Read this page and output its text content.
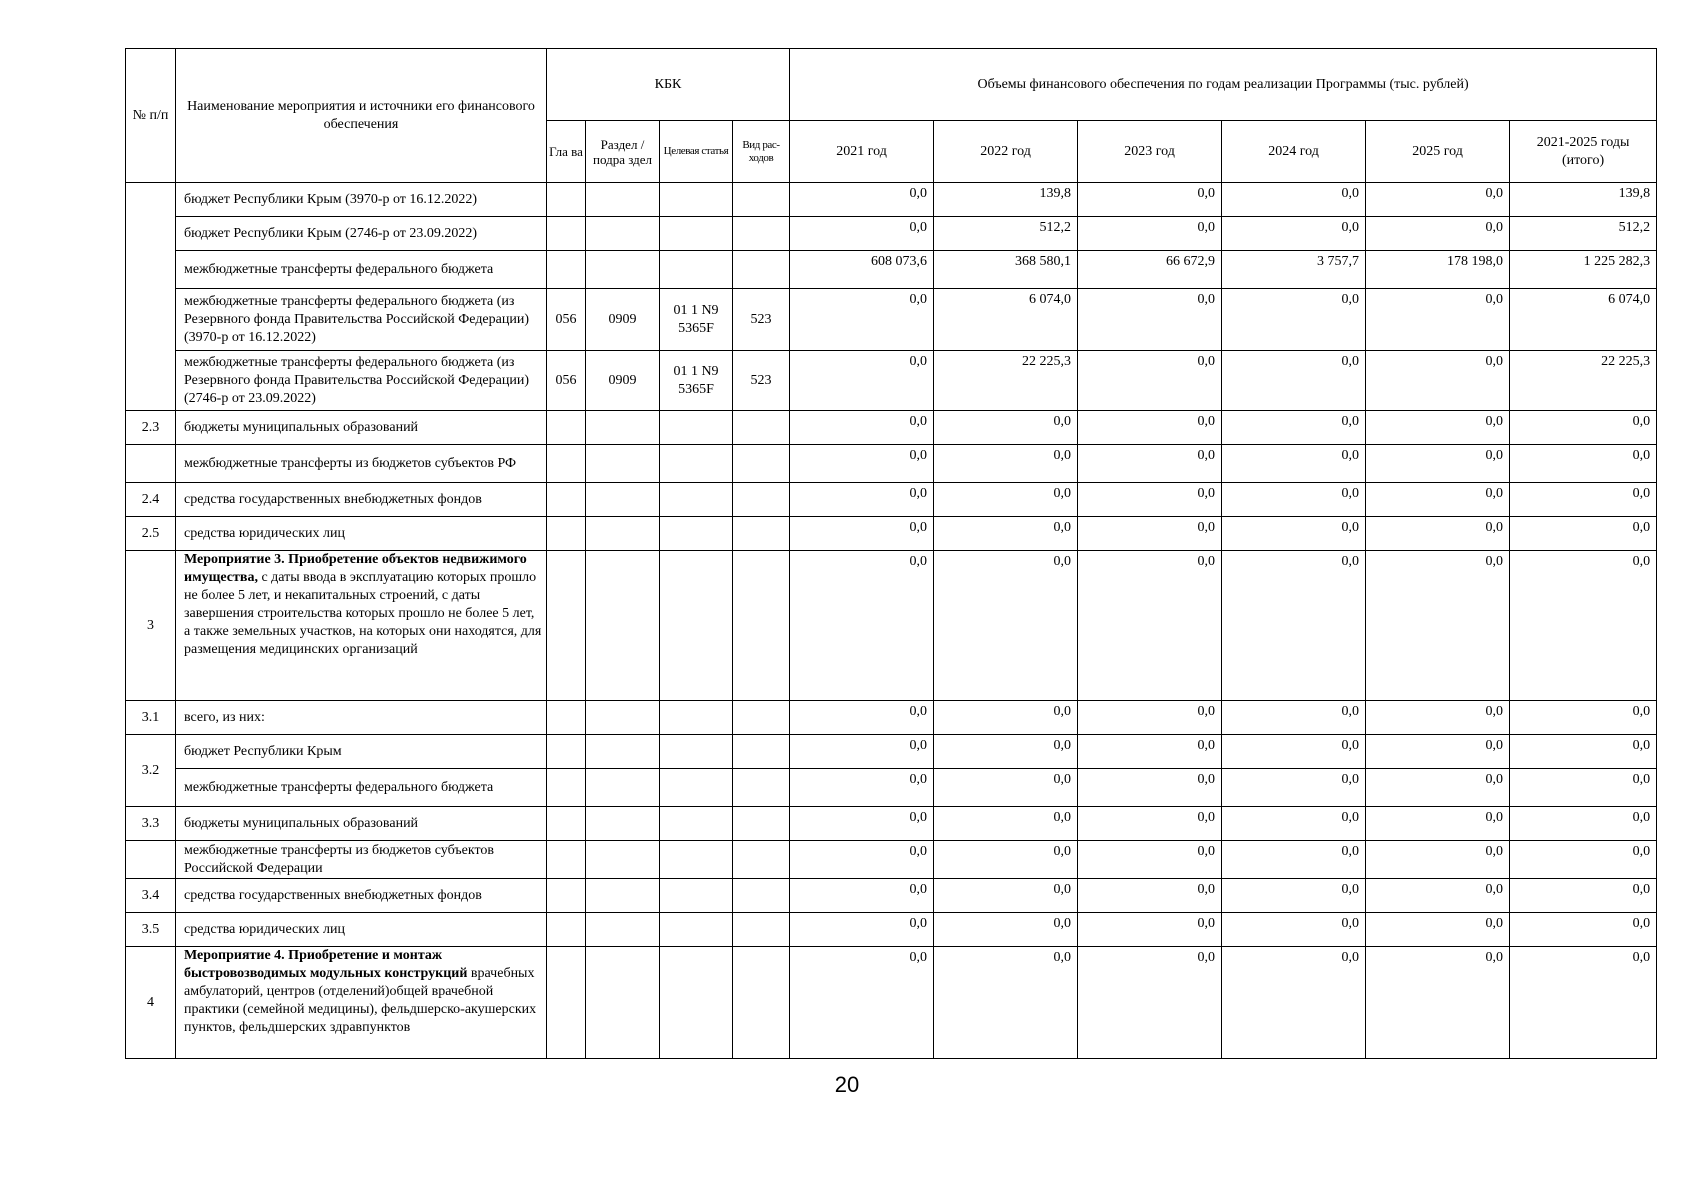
№ п/п	Наименование мероприятия и источники его финансового обеспечения	КБК				Объемы финансового обеспечения по годам реализации Программы (тыс. рублей)					
		Гла ва	Раздел /подра здел	Целевая статья	Вид рас- ходов	2021 год	2022 год	2023 год	2024 год	2025 год	2021-2025 годы (итого)
	бюджет Республики Крым (3970-р от 16.12.2022)					0,0	139,8	0,0	0,0	0,0	139,8
	бюджет Республики Крым (2746-р от 23.09.2022)					0,0	512,2	0,0	0,0	0,0	512,2
	межбюджетные трансферты федерального бюджета					608 073,6	368 580,1	66 672,9	3 757,7	178 198,0	1 225 282,3
	межбюджетные трансферты федерального бюджета (из Резервного фонда Правительства Российской Федерации) (3970-р от 16.12.2022)	056	0909	01 1 N9 5365F	523	0,0	6 074,0	0,0	0,0	0,0	6 074,0
	межбюджетные трансферты федерального бюджета (из Резервного фонда Правительства Российской Федерации) (2746-р от 23.09.2022)	056	0909	01 1 N9 5365F	523	0,0	22 225,3	0,0	0,0	0,0	22 225,3
2.3	бюджеты муниципальных образований					0,0	0,0	0,0	0,0	0,0	0,0
	межбюджетные трансферты из бюджетов субъектов РФ					0,0	0,0	0,0	0,0	0,0	0,0
2.4	средства государственных внебюджетных фондов					0,0	0,0	0,0	0,0	0,0	0,0
2.5	средства юридических лиц					0,0	0,0	0,0	0,0	0,0	0,0
3	Мероприятие 3. Приобретение объектов недвижимого имущества, с даты ввода в эксплуатацию которых прошло не более 5 лет, и некапитальных строений, с даты завершения строительства которых прошло не более 5 лет, а также земельных участков, на которых они находятся, для размещения медицинских организаций					0,0	0,0	0,0	0,0	0,0	0,0
3.1	всего, из них:					0,0	0,0	0,0	0,0	0,0	0,0
3.2	бюджет Республики Крым					0,0	0,0	0,0	0,0	0,0	0,0
	межбюджетные трансферты федерального бюджета					0,0	0,0	0,0	0,0	0,0	0,0
3.3	бюджеты муниципальных образований					0,0	0,0	0,0	0,0	0,0	0,0
	межбюджетные трансферты из бюджетов субъектов Российской Федерации					0,0	0,0	0,0	0,0	0,0	0,0
3.4	средства государственных внебюджетных фондов					0,0	0,0	0,0	0,0	0,0	0,0
3.5	средства юридических лиц					0,0	0,0	0,0	0,0	0,0	0,0
4	Мероприятие 4. Приобретение и монтаж быстровозводимых модульных конструкций врачебных амбулаторий, центров (отделений)общей врачебной практики (семейной медицины), фельдшерско-акушерских пунктов, фельдшерских здравпунктов					0,0	0,0	0,0	0,0	0,0	0,0
20
